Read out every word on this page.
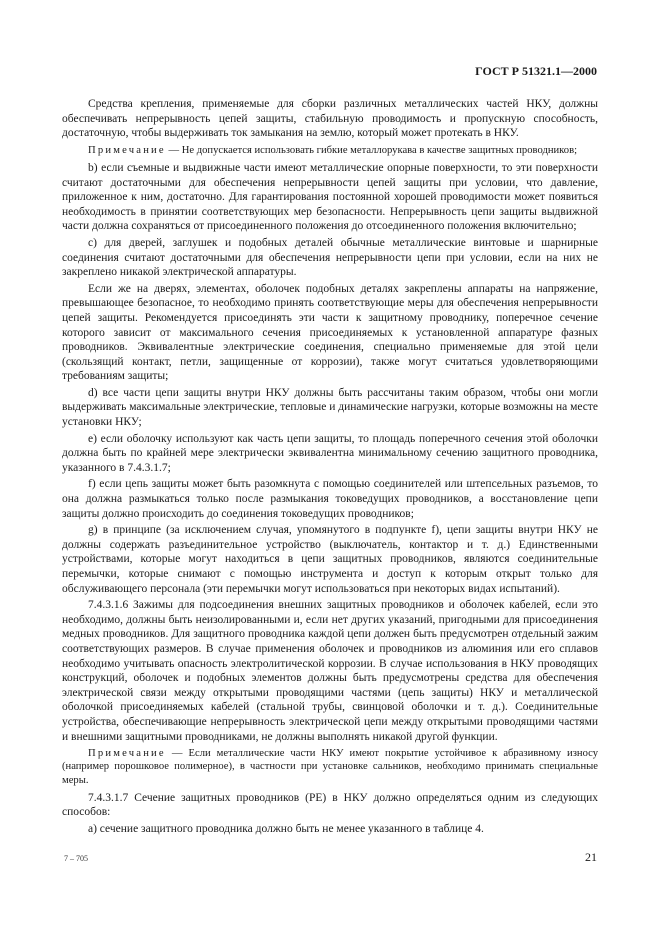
ГОСТ Р 51321.1—2000

Средства крепления, применяемые для сборки различных металлических частей НКУ, должны обеспечивать непрерывность цепей защиты, стабильную проводимость и пропускную способность, достаточную, чтобы выдерживать ток замыкания на землю, который может протекать в НКУ.

Примечание — Не допускается использовать гибкие металлорукава в качестве защитных проводников;

b) если съемные и выдвижные части имеют металлические опорные поверхности, то эти поверхности считают достаточными для обеспечения непрерывности цепей защиты при условии, что давление, приложенное к ним, достаточно. Для гарантирования постоянной хорошей проводимости может появиться необходимость в принятии соответствующих мер безопасности. Непрерывность цепи защиты выдвижной части должна сохраняться от присоединенного положения до отсоединенного положения включительно;

c) для дверей, заглушек и подобных деталей обычные металлические винтовые и шарнирные соединения считают достаточными для обеспечения непрерывности цепи при условии, если на них не закреплено никакой электрической аппаратуры.

Если же на дверях, элементах, оболочек подобных деталях закреплены аппараты на напряжение, превышающее безопасное, то необходимо принять соответствующие меры для обеспечения непрерывности цепей защиты. Рекомендуется присоединять эти части к защитному проводнику, поперечное сечение которого зависит от максимального сечения присоединяемых к установленной аппаратуре фазных проводников. Эквивалентные электрические соединения, специально применяемые для этой цели (скользящий контакт, петли, защищенные от коррозии), также могут считаться удовлетворяющими требованиям защиты;

d) все части цепи защиты внутри НКУ должны быть рассчитаны таким образом, чтобы они могли выдерживать максимальные электрические, тепловые и динамические нагрузки, которые возможны на месте установки НКУ;

e) если оболочку используют как часть цепи защиты, то площадь поперечного сечения этой оболочки должна быть по крайней мере электрически эквивалентна минимальному сечению защитного проводника, указанного в 7.4.3.1.7;

f) если цепь защиты может быть разомкнута с помощью соединителей или штепсельных разъемов, то она должна размыкаться только после размыкания токоведущих проводников, а восстановление цепи защиты должно происходить до соединения токоведущих проводников;

g) в принципе (за исключением случая, упомянутого в подпункте f), цепи защиты внутри НКУ не должны содержать разъединительное устройство (выключатель, контактор и т. д.) Единственными устройствами, которые могут находиться в цепи защитных проводников, являются соединительные перемычки, которые снимают с помощью инструмента и доступ к которым открыт только для обслуживающего персонала (эти перемычки могут использоваться при некоторых видах испытаний).

7.4.3.1.6 Зажимы для подсоединения внешних защитных проводников и оболочек кабелей, если это необходимо, должны быть неизолированными и, если нет других указаний, пригодными для присоединения медных проводников. Для защитного проводника каждой цепи должен быть предусмотрен отдельный зажим соответствующих размеров. В случае применения оболочек и проводников из алюминия или его сплавов необходимо учитывать опасность электролитической коррозии. В случае использования в НКУ проводящих конструкций, оболочек и подобных элементов должны быть предусмотрены средства для обеспечения электрической связи между открытыми проводящими частями (цепь защиты) НКУ и металлической оболочкой присоединяемых кабелей (стальной трубы, свинцовой оболочки и т. д.). Соединительные устройства, обеспечивающие непрерывность электрической цепи между открытыми проводящими частями и внешними защитными проводниками, не должны выполнять никакой другой функции.

Примечание — Если металлические части НКУ имеют покрытие устойчивое к абразивному износу (например порошковое полимерное), в частности при установке сальников, необходимо принимать специальные меры.

7.4.3.1.7 Сечение защитных проводников (PE) в НКУ должно определяться одним из следующих способов:

а) сечение защитного проводника должно быть не менее указанного в таблице 4.

7 – 705	21
